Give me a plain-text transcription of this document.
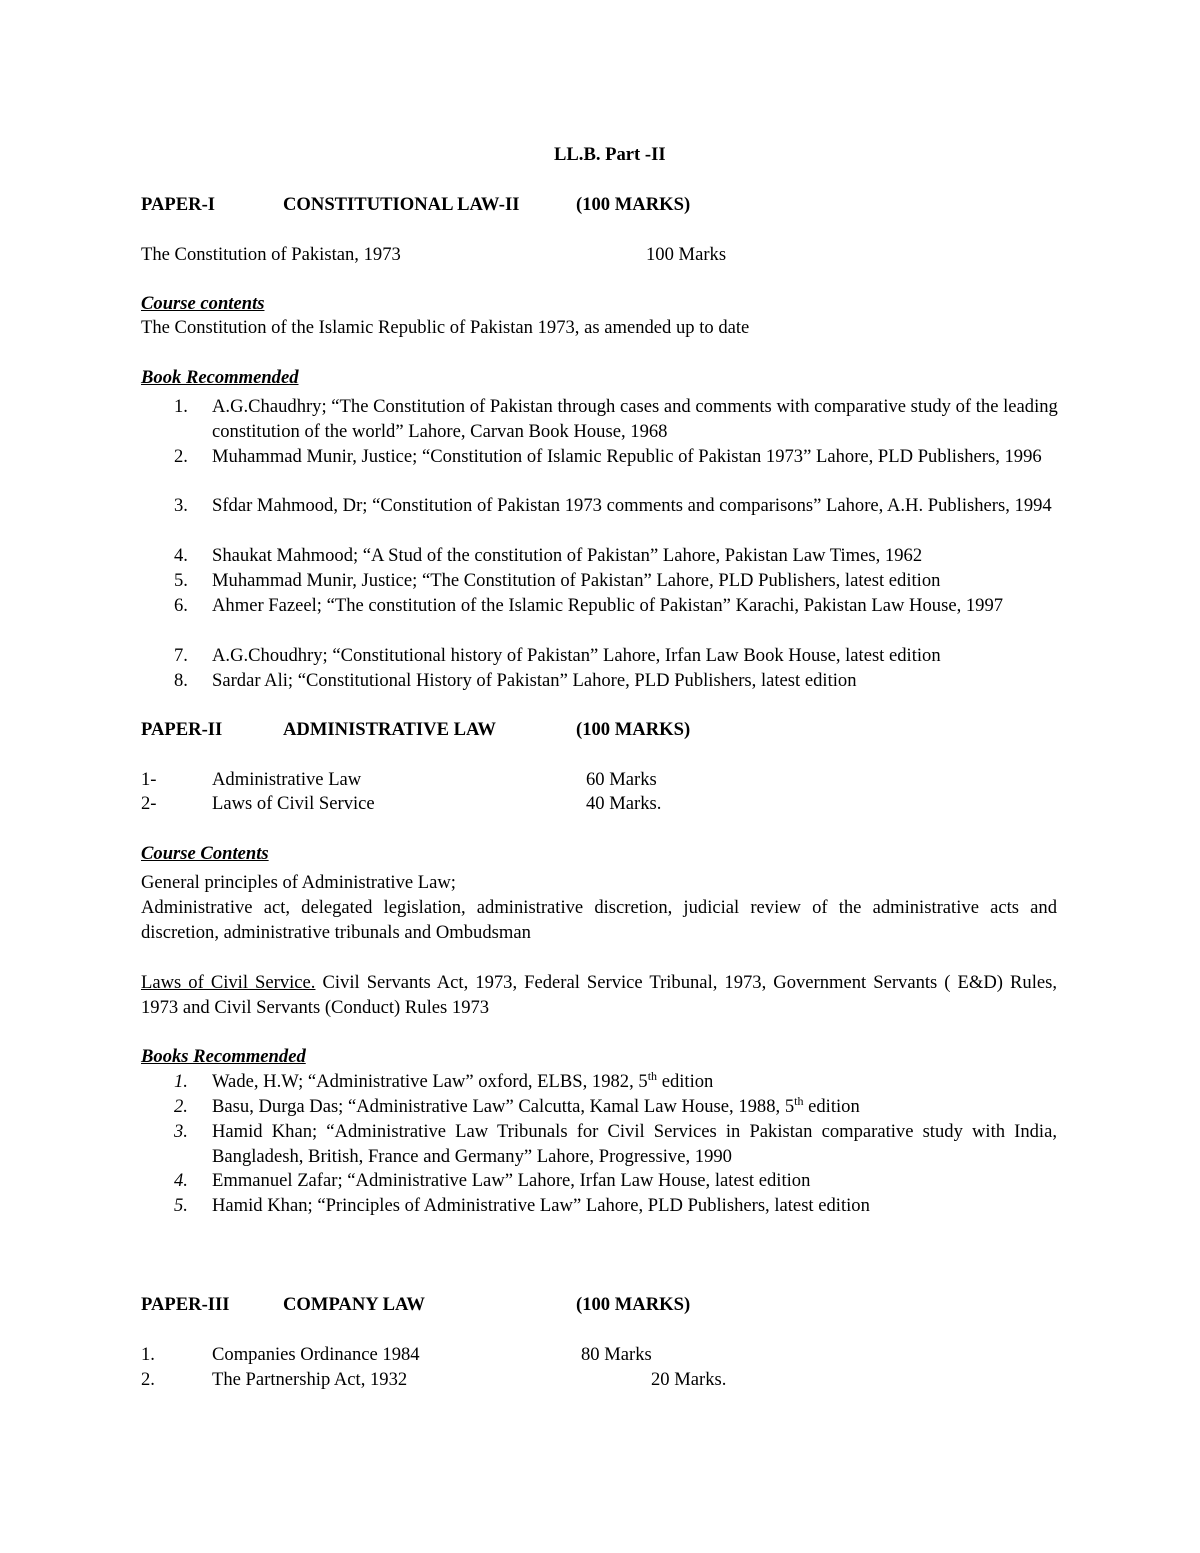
LL.B. Part -II
PAPER-I	CONSTITUTIONAL LAW-II	(100 MARKS)
The Constitution of Pakistan, 1973	100 Marks
Course contents
The Constitution of the Islamic Republic of Pakistan 1973, as amended up to date
Book Recommended
1. A.G.Chaudhry; “The Constitution of Pakistan through cases and comments with comparative study of the leading constitution of the world” Lahore, Carvan Book House, 1968
2. Muhammad Munir, Justice; “Constitution of Islamic Republic of Pakistan 1973” Lahore, PLD Publishers, 1996
3. Sfdar Mahmood, Dr; “Constitution of Pakistan 1973 comments and comparisons” Lahore, A.H. Publishers, 1994
4. Shaukat Mahmood; “A Stud of the constitution of Pakistan” Lahore, Pakistan Law Times, 1962
5. Muhammad Munir, Justice; “The Constitution of Pakistan” Lahore, PLD Publishers, latest edition
6. Ahmer Fazeel; “The constitution of the Islamic Republic of Pakistan” Karachi, Pakistan Law House, 1997
7. A.G.Choudhry; “Constitutional history of Pakistan” Lahore, Irfan Law Book House, latest edition
8. Sardar Ali; “Constitutional History of Pakistan” Lahore, PLD Publishers, latest edition
PAPER-II	ADMINISTRATIVE LAW	(100 MARKS)
1-	Administrative Law	60 Marks
2-	Laws of Civil Service	40 Marks.
Course Contents
General principles of Administrative Law;
Administrative act, delegated legislation, administrative discretion, judicial review of the administrative acts and discretion, administrative tribunals and Ombudsman
Laws of Civil Service. Civil Servants Act, 1973, Federal Service Tribunal, 1973, Government Servants ( E&D) Rules, 1973 and Civil Servants (Conduct) Rules 1973
Books Recommended
1. Wade, H.W; “Administrative Law” oxford, ELBS, 1982, 5th edition
2. Basu, Durga Das; “Administrative Law” Calcutta, Kamal Law House, 1988, 5th edition
3. Hamid Khan; “Administrative Law Tribunals for Civil Services in Pakistan comparative study with India, Bangladesh, British, France and Germany” Lahore, Progressive, 1990
4. Emmanuel Zafar; “Administrative Law” Lahore, Irfan Law House, latest edition
5. Hamid Khan; “Principles of Administrative Law” Lahore, PLD Publishers, latest edition
PAPER-III	COMPANY LAW	(100 MARKS)
1.	Companies Ordinance 1984	80 Marks
2.	The Partnership Act, 1932	20 Marks.
